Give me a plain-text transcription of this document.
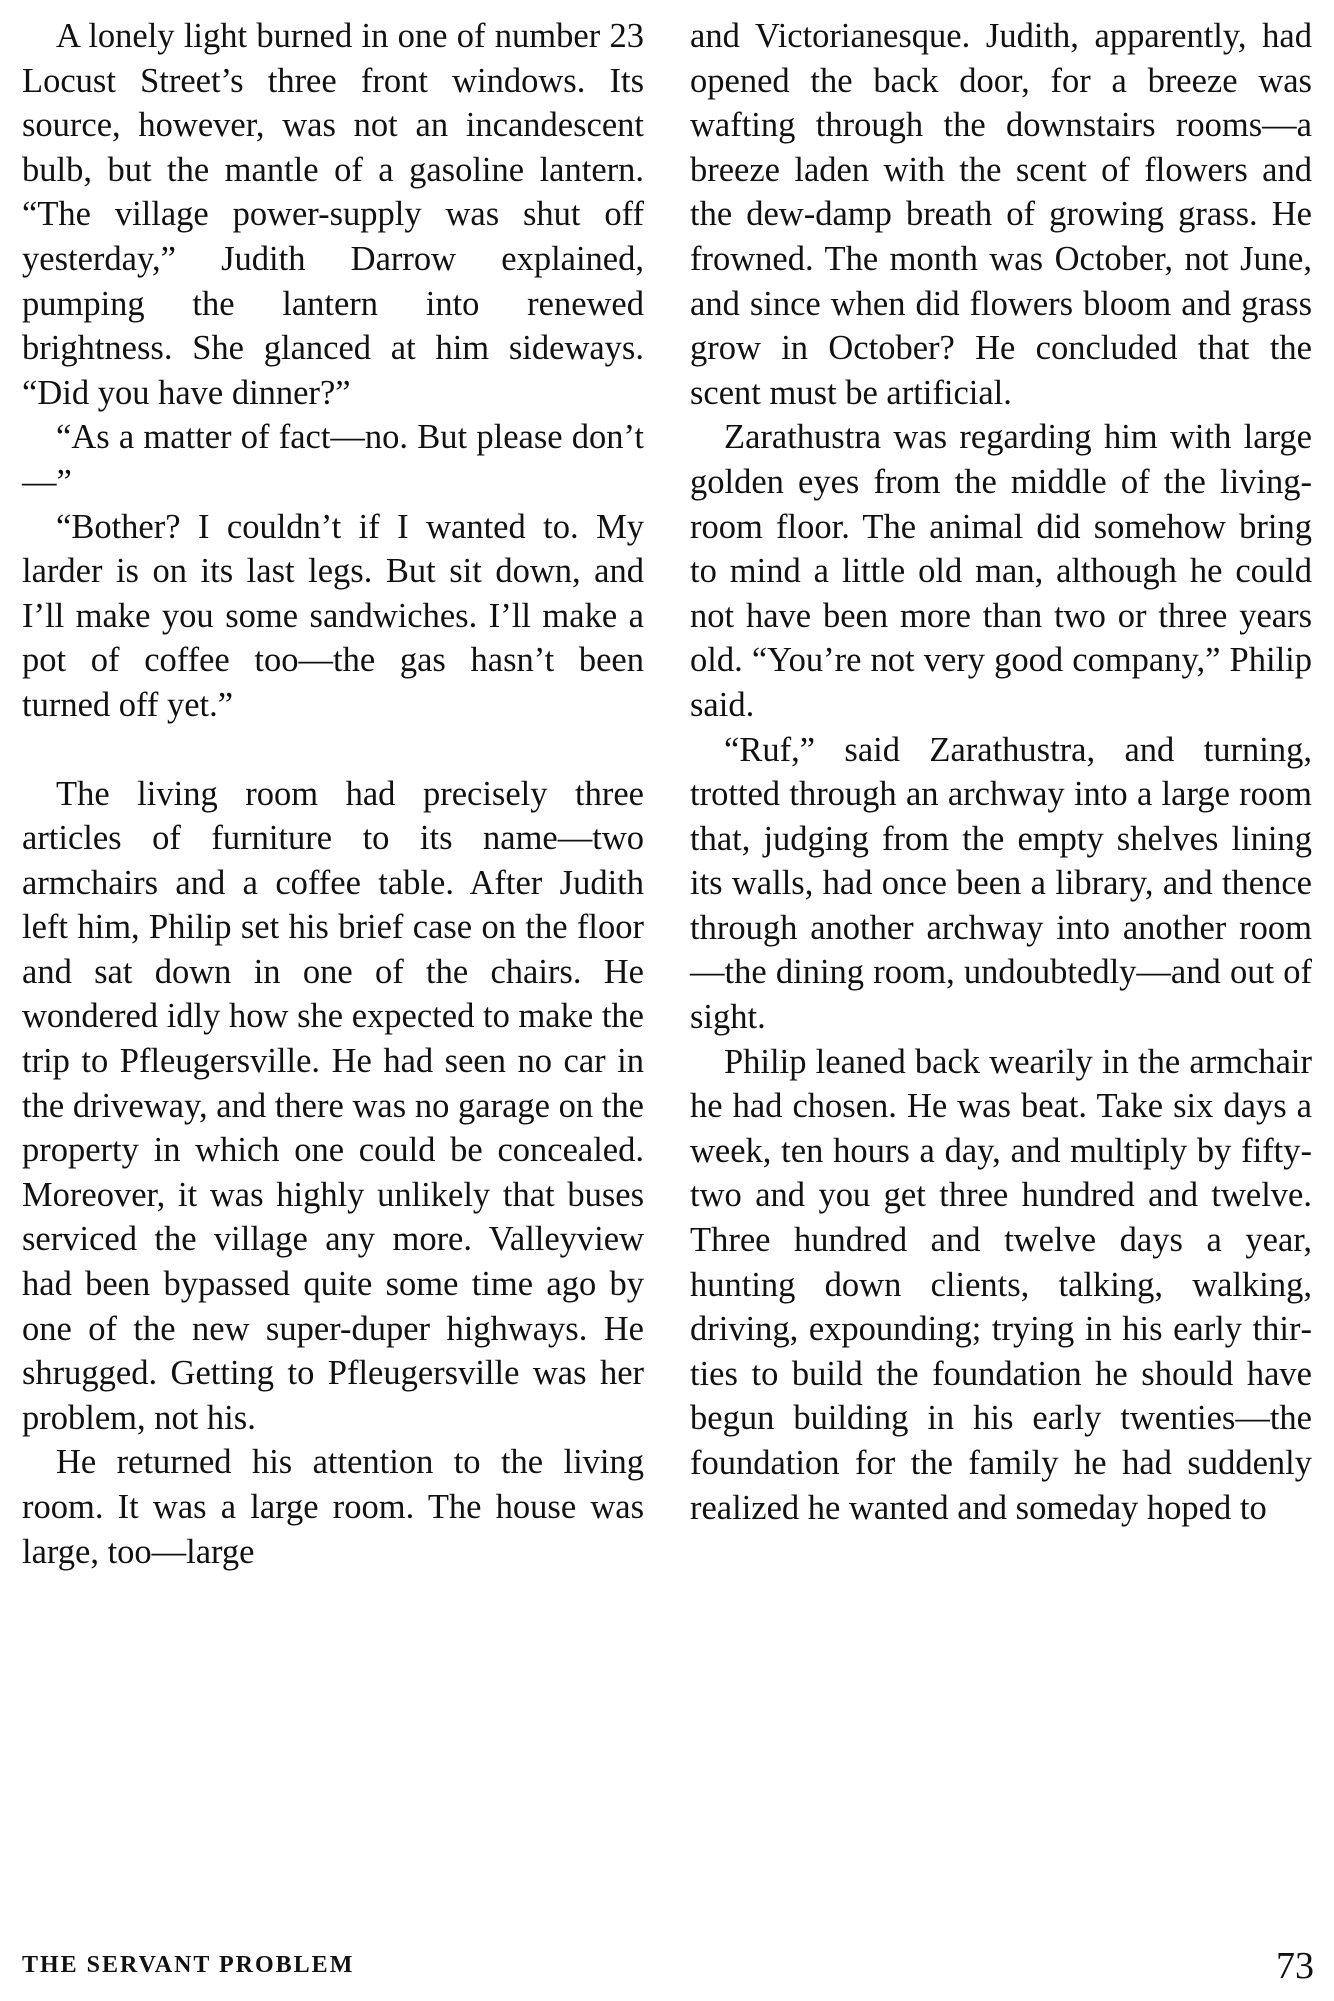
A lonely light burned in one of number 23 Locust Street’s three front windows. Its source, however, was not an incandescent bulb, but the mantle of a gasoline lantern. “The village power-supply was shut off yesterday,” Judith Darrow explained, pumping the lantern into renewed brightness. She glanced at him sideways. “Did you have dinner?”

“As a matter of fact—no. But please don’t—”

“Bother? I couldn’t if I wanted to. My larder is on its last legs. But sit down, and I’ll make you some sandwiches. I’ll make a pot of coffee too—the gas hasn’t been turned off yet.”

The living room had precisely three articles of furniture to its name—two armchairs and a coffee table. After Judith left him, Philip set his brief case on the floor and sat down in one of the chairs. He wondered idly how she expected to make the trip to Pfleugersville. He had seen no car in the driveway, and there was no garage on the property in which one could be concealed. Moreover, it was highly unlikely that buses serviced the village any more. Valleyview had been bypassed quite some time ago by one of the new super-duper highways. He shrugged. Getting to Pfleugersville was her problem, not his.

He returned his attention to the living room. It was a large room. The house was large, too—large

and Victorianesque. Judith, apparently, had opened the back door, for a breeze was wafting through the downstairs rooms—a breeze laden with the scent of flowers and the dew-damp breath of growing grass. He frowned. The month was October, not June, and since when did flowers bloom and grass grow in October? He concluded that the scent must be artificial.

Zarathustra was regarding him with large golden eyes from the middle of the living-room floor. The animal did somehow bring to mind a little old man, although he could not have been more than two or three years old. “You’re not very good company,” Philip said.

“Ruf,” said Zarathustra, and turning, trotted through an archway into a large room that, judging from the empty shelves lining its walls, had once been a library, and thence through another archway into another room—the dining room, undoubtedly—and out of sight.

Philip leaned back wearily in the armchair he had chosen. He was beat. Take six days a week, ten hours a day, and multiply by fifty-two and you get three hundred and twelve. Three hundred and twelve days a year, hunting down clients, talking, walking, driving, expounding; trying in his early thirties to build the foundation he should have begun building in his early twenties—the foundation for the family he had suddenly realized he wanted and someday hoped to

THE SERVANT PROBLEM	73
